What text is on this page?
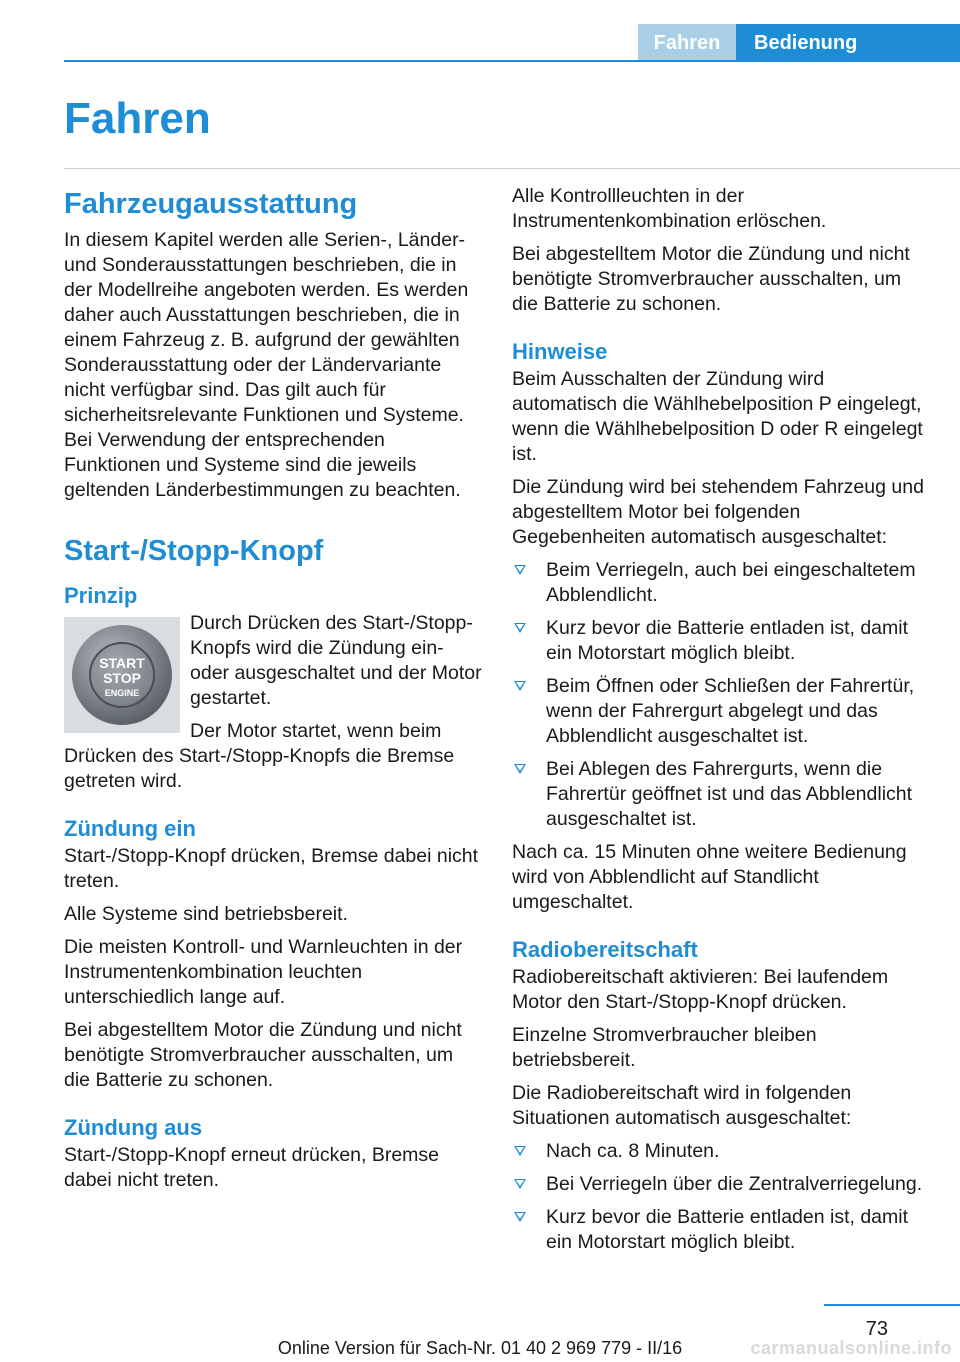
Fahren	Bedienung
Fahren
Fahrzeugausstattung

In diesem Kapitel werden alle Serien-, Länder- und Sonderausstattungen beschrieben, die in der Modellreihe angeboten werden. Es werden daher auch Ausstattungen beschrieben, die in einem Fahrzeug z. B. aufgrund der gewählten Sonderausstattung oder der Ländervariante nicht verfügbar sind. Das gilt auch für sicherheitsrelevante Funktionen und Systeme. Bei Verwendung der entsprechenden Funktionen und Systeme sind die jeweils geltenden Länderbestimmungen zu beachten.

Start-/Stopp-Knopf
Prinzip
START
STOP
ENGINE

Durch Drücken des Start-/Stopp-Knopfs wird die Zündung ein- oder ausgeschaltet und der Motor gestartet.

Der Motor startet, wenn beim Drücken des Start-/Stopp-Knopfs die Bremse getreten wird.

Zündung ein

Start-/Stopp-Knopf drücken, Bremse dabei nicht treten.

Alle Systeme sind betriebsbereit.

Die meisten Kontroll- und Warnleuchten in der Instrumentenkombination leuchten unterschiedlich lange auf.

Bei abgestelltem Motor die Zündung und nicht benötigte Stromverbraucher ausschalten, um die Batterie zu schonen.

Zündung aus

Start-/Stopp-Knopf erneut drücken, Bremse dabei nicht treten.

Alle Kontrollleuchten in der Instrumentenkombination erlöschen.

Bei abgestelltem Motor die Zündung und nicht benötigte Stromverbraucher ausschalten, um die Batterie zu schonen.

Hinweise

Beim Ausschalten der Zündung wird automatisch die Wählhebelposition P eingelegt, wenn die Wählhebelposition D oder R eingelegt ist.

Die Zündung wird bei stehendem Fahrzeug und abgestelltem Motor bei folgenden Gegebenheiten automatisch ausgeschaltet:

Beim Verriegeln, auch bei eingeschaltetem Abblendlicht.
Kurz bevor die Batterie entladen ist, damit ein Motorstart möglich bleibt.
Beim Öffnen oder Schließen der Fahrertür, wenn der Fahrergurt abgelegt und das Abblendlicht ausgeschaltet ist.
Bei Ablegen des Fahrergurts, wenn die Fahrertür geöffnet ist und das Abblendlicht ausgeschaltet ist.

Nach ca. 15 Minuten ohne weitere Bedienung wird von Abblendlicht auf Standlicht umgeschaltet.

Radiobereitschaft

Radiobereitschaft aktivieren: Bei laufendem Motor den Start-/Stopp-Knopf drücken.

Einzelne Stromverbraucher bleiben betriebsbereit.

Die Radiobereitschaft wird in folgenden Situationen automatisch ausgeschaltet:

Nach ca. 8 Minuten.
Bei Verriegeln über die Zentralverriegelung.
Kurz bevor die Batterie entladen ist, damit ein Motorstart möglich bleibt.
73
Online Version für Sach-Nr. 01 40 2 969 779 - II/16	carmanualsonline.info
